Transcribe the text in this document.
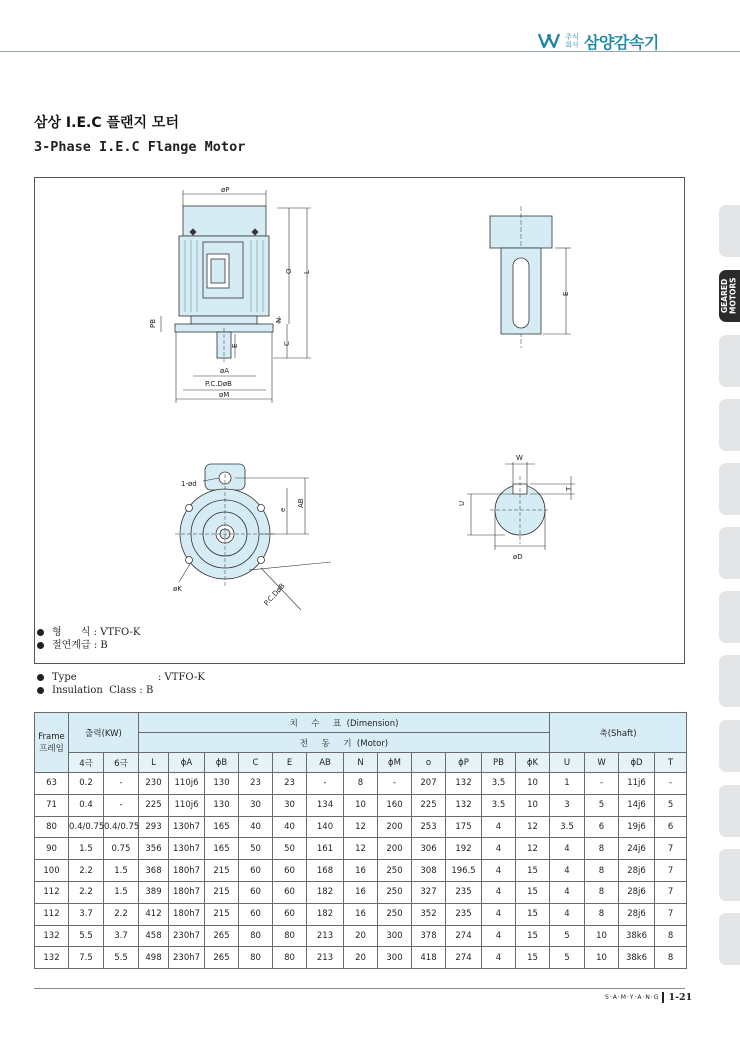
주식
회사 삼양감속기
삼상 I.E.C 플랜지 모터
3-Phase I.E.C Flange Motor
øP
O L
N
C
PB
E
øA
P.C.DøB
øM
E
1-ød
AB
e
øK	P.C.DøB
W
T
U
øD
형      식 : VTFO-K
절연계급 : B
Type	: VTFO-K
Insulation  Class : B
GEARED MOTORS
Frame
프레임	출력(KW)		치     수     표  (Dimension)												축(Shaft)			
			전     동     기  (Motor)															
	4극	6극	L	ϕA	ϕB	C	E	AB	N	ϕM	o	ϕP	PB	ϕK	U	W	ϕD	T
63	0.2	-	230	110j6	130	23	23	-	8	-	207	132	3.5	10	1	-	11j6	-
71	0.4	-	225	110j6	130	30	30	134	10	160	225	132	3.5	10	3	5	14j6	5
80	0.4/0.75	0.4/0.75	293	130h7	165	40	40	140	12	200	253	175	4	12	3.5	6	19j6	6
90	1.5	0.75	356	130h7	165	50	50	161	12	200	306	192	4	12	4	8	24j6	7
100	2.2	1.5	368	180h7	215	60	60	168	16	250	308	196.5	4	15	4	8	28j6	7
112	2.2	1.5	389	180h7	215	60	60	182	16	250	327	235	4	15	4	8	28j6	7
112	3.7	2.2	412	180h7	215	60	60	182	16	250	352	235	4	15	4	8	28j6	7
132	5.5	3.7	458	230h7	265	80	80	213	20	300	378	274	4	15	5	10	38k6	8
132	7.5	5.5	498	230h7	265	80	80	213	20	300	418	274	4	15	5	10	38k6	8
S·A·M·Y·A·N·G 1-21
